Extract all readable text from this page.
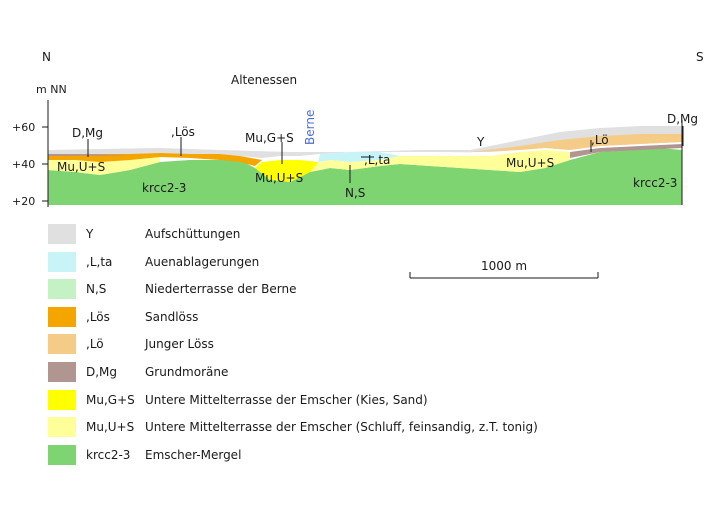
+60
+40
+20
m NN
N	S
Altenessen
Berne
D,Mg	,Lös	Mu,G+S
Mu,U+S
krcc2-3
Mu,U+S
N,S
,L,ta
Y
Mu,U+S
,Lö
D,Mg
krcc2-3
1000 m
Y	Aufschüttungen
,L,ta	Auenablagerungen
N,S	Niederterrasse der Berne
,Lös	Sandlöss
,Lö	Junger Löss
D,Mg Grundmoräne
Mu,G+S Untere Mittelterrasse der Emscher (Kies, Sand)
Mu,U+S Untere Mittelterrasse der Emscher (Schluff, feinsandig, z.T. tonig)
krcc2-3 Emscher-Mergel
